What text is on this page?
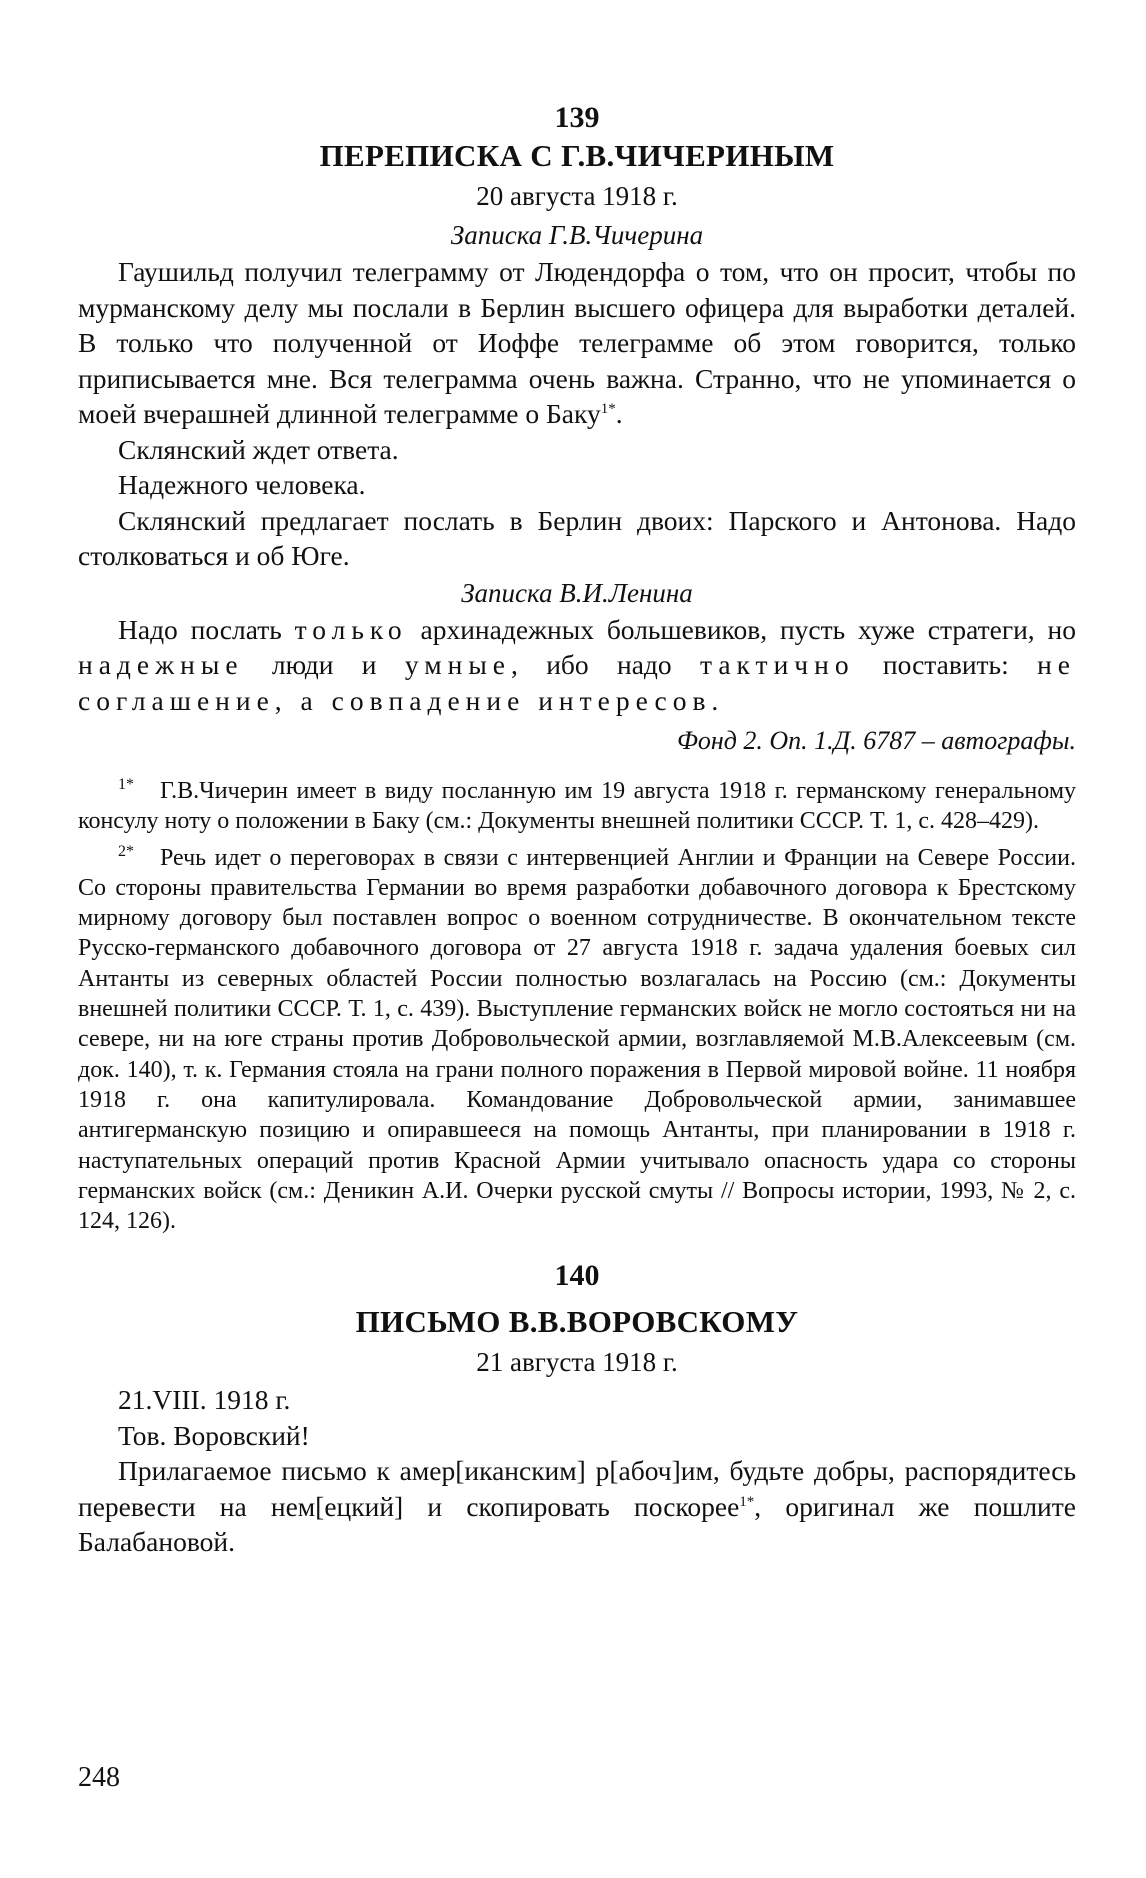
139
ПЕРЕПИСКА С Г.В.ЧИЧЕРИНЫМ
20 августа 1918 г.
Записка Г.В.Чичерина

Гаушильд получил телеграмму от Людендорфа о том, что он просит, чтобы по мурманскому делу мы послали в Берлин высшего офицера для выработки деталей. В только что полученной от Иоффе телеграмме об этом говорится, только приписывается мне. Вся телеграмма очень важна. Странно, что не упоминается о моей вчерашней длинной телеграмме о Баку$^{1*}$.

Склянский ждет ответа.

Надежного человека.

Склянский предлагает послать в Берлин двоих: Парского и Антонова. Надо столковаться и об Юге.

Записка В.И.Ленина

Надо послать только архинадежных большевиков, пусть хуже стратеги, но надежные люди и умные, ибо надо тактично поставить: не соглашение, а совпадение интересов.

Фонд 2. Оп. 1.Д. 6787 – автографы.

$^{1*}$ Г.В.Чичерин имеет в виду посланную им 19 августа 1918 г. германскому генеральному консулу ноту о положении в Баку (см.: Документы внешней политики СССР. Т. 1, с. 428–429).

$^{2*}$ Речь идет о переговорах в связи с интервенцией Англии и Франции на Севере России. Со стороны правительства Германии во время разработки добавочного договора к Брестскому мирному договору был поставлен вопрос о военном сотрудничестве. В окончательном тексте Русско-германского добавочного договора от 27 августа 1918 г. задача удаления боевых сил Антанты из северных областей России полностью возлагалась на Россию (см.: Документы внешней политики СССР. Т. 1, с. 439). Выступление германских войск не могло состояться ни на севере, ни на юге страны против Добровольческой армии, возглавляемой М.В.Алексеевым (см. док. 140), т. к. Германия стояла на грани полного поражения в Первой мировой войне. 11 ноября 1918 г. она капитулировала. Командование Добровольческой армии, занимавшее антигерманскую позицию и опиравшееся на помощь Антанты, при планировании в 1918 г. наступательных операций против Красной Армии учитывало опасность удара со стороны германских войск (см.: Деникин А.И. Очерки русской смуты // Вопросы истории, 1993, № 2, с. 124, 126).

140
ПИСЬМО В.В.ВОРОВСКОМУ
21 августа 1918 г.

21.VIII. 1918 г.

Тов. Воровский!

Прилагаемое письмо к амер[иканским] р[абоч]им, будьте добры, распорядитесь перевести на нем[ецкий] и скопировать поскорее$^{1*}$, оригинал же пошлите Балабановой.

248
